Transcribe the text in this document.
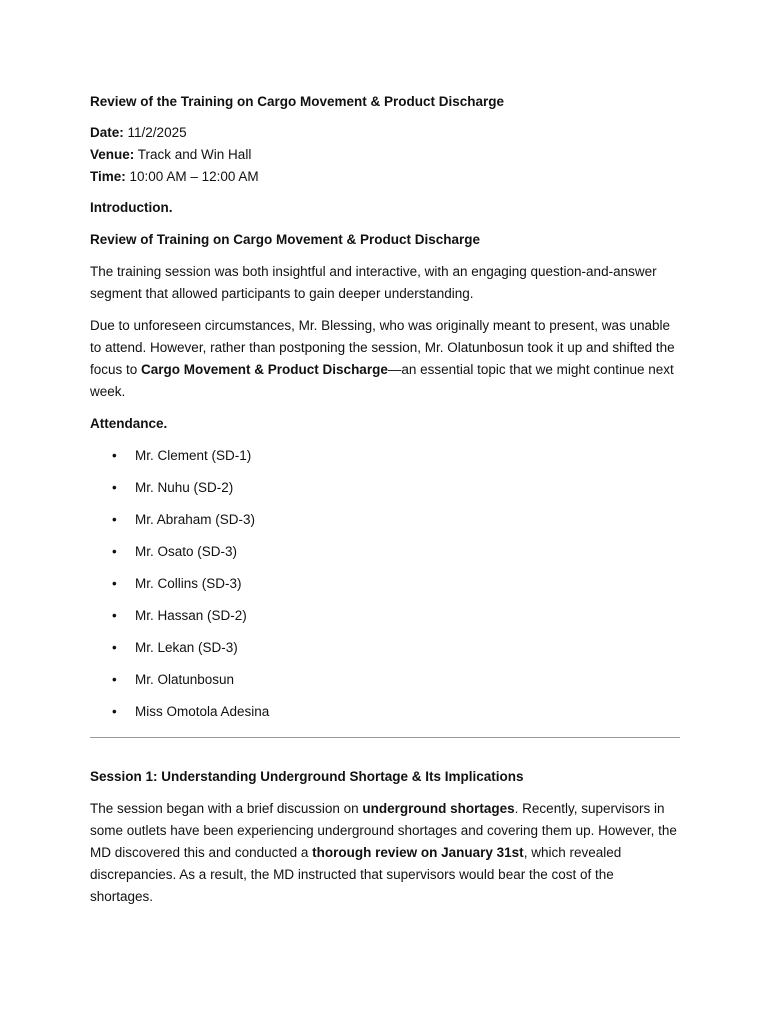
Review of the Training on Cargo Movement & Product Discharge
Date: 11/2/2025
Venue: Track and Win Hall
Time: 10:00 AM – 12:00 AM
Introduction.
Review of Training on Cargo Movement & Product Discharge

The training session was both insightful and interactive, with an engaging question-and-answer segment that allowed participants to gain deeper understanding.

Due to unforeseen circumstances, Mr. Blessing, who was originally meant to present, was unable to attend. However, rather than postponing the session, Mr. Olatunbosun took it up and shifted the focus to Cargo Movement & Product Discharge—an essential topic that we might continue next week.

Attendance.
• Mr. Clement (SD-1)
• Mr. Nuhu (SD-2)
• Mr. Abraham (SD-3)
• Mr. Osato (SD-3)
• Mr. Collins (SD-3)
• Mr. Hassan (SD-2)
• Mr. Lekan (SD-3)
• Mr. Olatunbosun
• Miss Omotola Adesina
Session 1: Understanding Underground Shortage & Its Implications

The session began with a brief discussion on underground shortages. Recently, supervisors in some outlets have been experiencing underground shortages and covering them up. However, the MD discovered this and conducted a thorough review on January 31st, which revealed discrepancies. As a result, the MD instructed that supervisors would bear the cost of the shortages.
